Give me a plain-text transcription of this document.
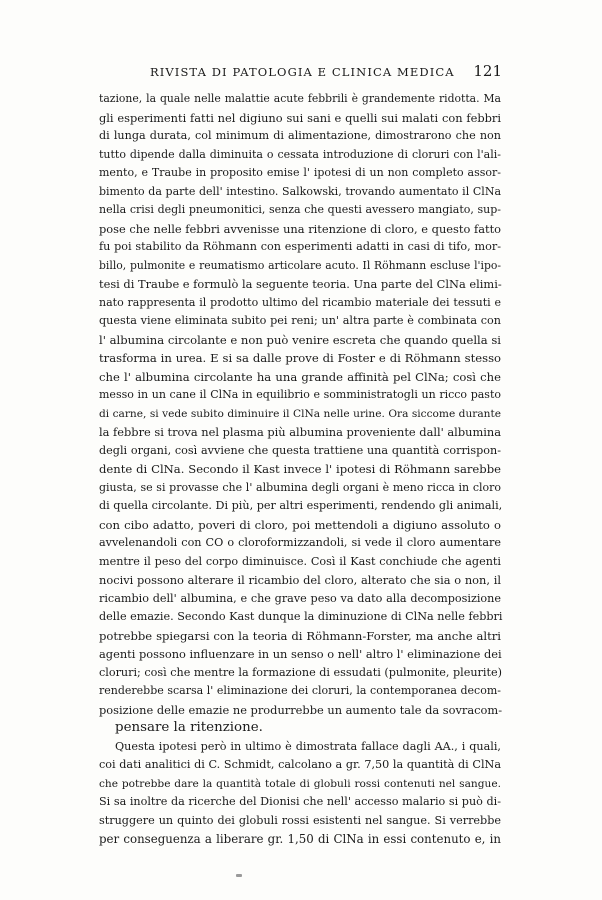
RIVISTA DI PATOLOGIA E CLINICA MEDICA 121
tazione, la quale nelle malattie acute febbrili è grandemente ridotta. Ma
gli esperimenti fatti nel digiuno sui sani e quelli sui malati con febbri
di lunga durata, col minimum di alimentazione, dimostrarono che non
tutto dipende dalla diminuita o cessata introduzione di cloruri con l'ali-
mento, e Traube in proposito emise l' ipotesi di un non completo assor-
bimento da parte dell' intestino. Salkowski, trovando aumentato il ClNa
nella crisi degli pneumonitici, senza che questi avessero mangiato, sup-
pose che nelle febbri avvenisse una ritenzione di cloro, e questo fatto
fu poi stabilito da Röhmann con esperimenti adatti in casi di tifo, mor-
billo, pulmonite e reumatismo articolare acuto. Il Röhmann escluse l'ipo-
tesi di Traube e formulò la seguente teoria. Una parte del ClNa elimi-
nato rappresenta il prodotto ultimo del ricambio materiale dei tessuti e
questa viene eliminata subito pei reni; un' altra parte è combinata con
l' albumina circolante e non può venire escreta che quando quella si
trasforma in urea. E si sa dalle prove di Foster e di Röhmann stesso
che l' albumina circolante ha una grande affinità pel ClNa; così che
messo in un cane il ClNa in equilibrio e somministratogli un ricco pasto
di carne, si vede subito diminuire il ClNa nelle urine. Ora siccome durante
la febbre si trova nel plasma più albumina proveniente dall' albumina
degli organi, così avviene che questa trattiene una quantità corrispon-
dente di ClNa. Secondo il Kast invece l' ipotesi di Röhmann sarebbe
giusta, se si provasse che l' albumina degli organi è meno ricca in cloro
di quella circolante. Di più, per altri esperimenti, rendendo gli animali,
con cibo adatto, poveri di cloro, poi mettendoli a digiuno assoluto o
avvelenandoli con CO o cloroformizzandoli, si vede il cloro aumentare
mentre il peso del corpo diminuisce. Così il Kast conchiude che agenti
nocivi possono alterare il ricambio del cloro, alterato che sia o non, il
ricambio dell' albumina, e che grave peso va dato alla decomposizione
delle emazie. Secondo Kast dunque la diminuzione di ClNa nelle febbri
potrebbe spiegarsi con la teoria di Röhmann-Forster, ma anche altri
agenti possono influenzare in un senso o nell' altro l' eliminazione dei
cloruri; così che mentre la formazione di essudati (pulmonite, pleurite)
renderebbe scarsa l' eliminazione dei cloruri, la contemporanea decom-
posizione delle emazie ne produrrebbe un aumento tale da sovracom-
pensare la ritenzione.
Questa ipotesi però in ultimo è dimostrata fallace dagli AA., i quali,
coi dati analitici di C. Schmidt, calcolano a gr. 7,50 la quantità di ClNa
che potrebbe dare la quantità totale di globuli rossi contenuti nel sangue.
Si sa inoltre da ricerche del Dionisi che nell' accesso malario si può di-
struggere un quinto dei globuli rossi esistenti nel sangue. Si verrebbe
per conseguenza a liberare gr. 1,50 di ClNa in essi contenuto e, in
